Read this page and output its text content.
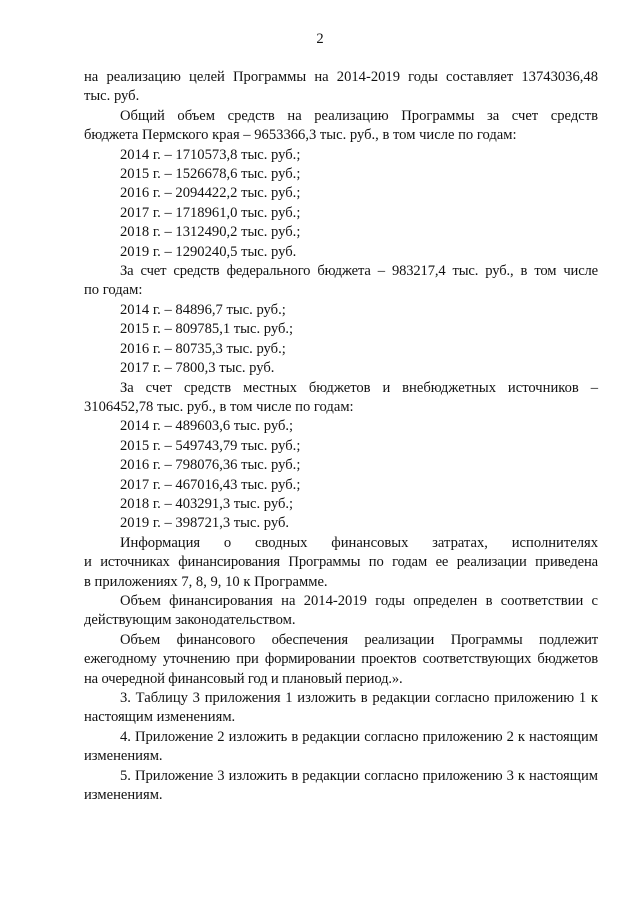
2

на реализацию целей Программы на 2014-2019 годы составляет 13743036,48

тыс. руб.

Общий объем средств на реализацию Программы за счет средств

бюджета Пермского края – 9653366,3 тыс. руб., в том числе по годам:

2014 г. – 1710573,8 тыс. руб.;

2015 г. – 1526678,6 тыс. руб.;

2016 г. – 2094422,2 тыс. руб.;

2017 г. – 1718961,0 тыс. руб.;

2018 г. – 1312490,2 тыс. руб.;

2019 г. – 1290240,5 тыс. руб.

За счет средств федерального бюджета – 983217,4 тыс. руб., в том числе

по годам:

2014 г. – 84896,7 тыс. руб.;

2015 г. – 809785,1 тыс. руб.;

2016 г. – 80735,3 тыс. руб.;

2017 г. – 7800,3 тыс. руб.

За счет средств местных бюджетов и внебюджетных источников –

3106452,78 тыс. руб., в том числе по годам:

2014 г. – 489603,6 тыс. руб.;

2015 г. – 549743,79 тыс. руб.;

2016 г. – 798076,36 тыс. руб.;

2017 г. – 467016,43 тыс. руб.;

2018 г. – 403291,3 тыс. руб.;

2019 г. – 398721,3 тыс. руб.

Информация о сводных финансовых затратах, исполнителях

и источниках финансирования Программы по годам ее реализации приведена

в приложениях 7, 8, 9, 10 к Программе.

Объем финансирования на 2014-2019 годы определен в соответствии с действующим законодательством.

Объем финансового обеспечения реализации Программы подлежит ежегодному уточнению при формировании проектов соответствующих бюджетов на очередной финансовый год и плановый период.».

3. Таблицу 3 приложения 1 изложить в редакции согласно приложению 1 к настоящим изменениям.

4. Приложение 2 изложить в редакции согласно приложению 2 к настоящим изменениям.

5. Приложение 3 изложить в редакции согласно приложению 3 к настоящим изменениям.
